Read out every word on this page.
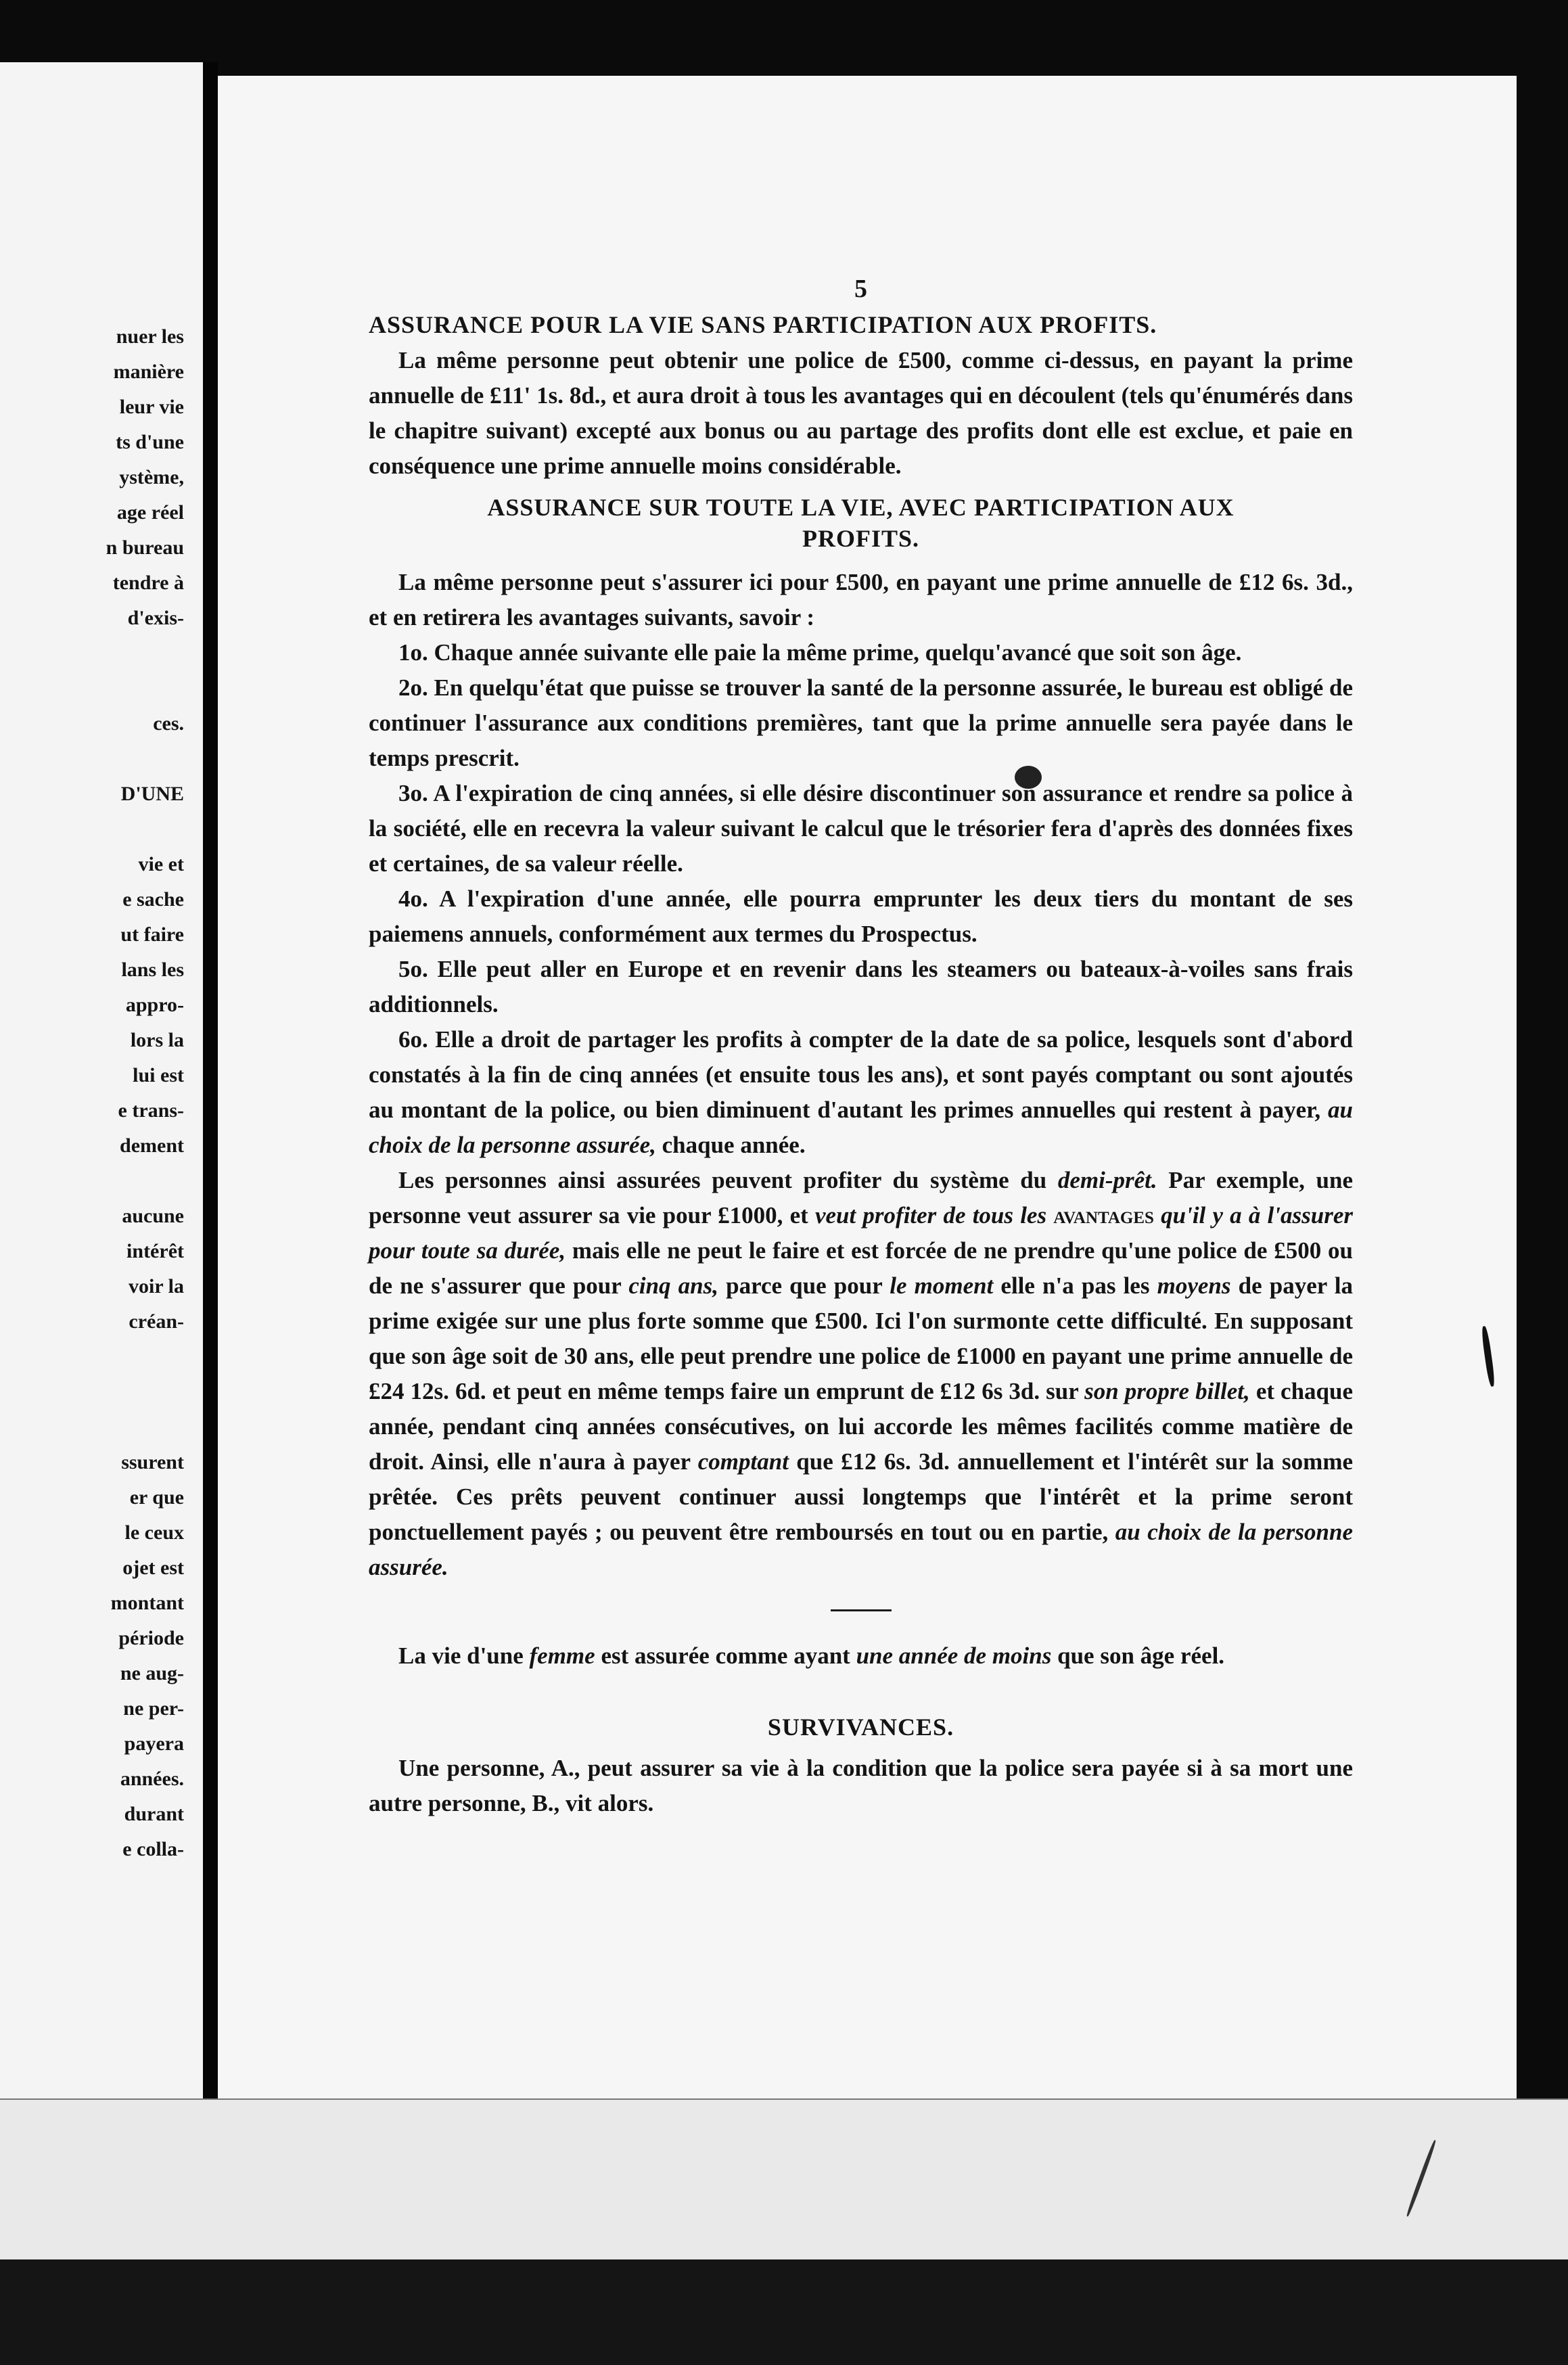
nuer les
manière
leur vie
ts d'une
ystème,
age réel
n bureau
tendre à
d'exis-
ces.
D'UNE
vie et
e sache
ut faire
lans les
appro-
lors la
lui est
e trans-
dement
aucune
intérêt
voir la
créan-
ssurent
er que
le ceux
ojet est
montant
période
ne aug-
ne per-
payera
années.
durant
e colla-
5
ASSURANCE POUR LA VIE SANS PARTICIPATION AUX PROFITS.

La même personne peut obtenir une police de £500, comme ci-dessus, en payant la prime annuelle de £11' 1s. 8d., et aura droit à tous les avantages qui en découlent (tels qu'énumérés dans le chapitre suivant) excepté aux bonus ou au partage des profits dont elle est exclue, et paie en conséquence une prime annuelle moins considérable.

ASSURANCE SUR TOUTE LA VIE, AVEC PARTICIPATION AUX
PROFITS.

La même personne peut s'assurer ici pour £500, en payant une prime annuelle de £12 6s. 3d., et en retirera les avantages suivants, savoir :

1o. Chaque année suivante elle paie la même prime, quelqu'avancé que soit son âge.

2o. En quelqu'état que puisse se trouver la santé de la personne assurée, le bureau est obligé de continuer l'assurance aux conditions premières, tant que la prime annuelle sera payée dans le temps prescrit.

3o. A l'expiration de cinq années, si elle désire discontinuer son assurance et rendre sa police à la société, elle en recevra la valeur suivant le calcul que le trésorier fera d'après des données fixes et certaines, de sa valeur réelle.

4o. A l'expiration d'une année, elle pourra emprunter les deux tiers du montant de ses paiemens annuels, conformément aux termes du Prospectus.

5o. Elle peut aller en Europe et en revenir dans les steamers ou bateaux-à-voiles sans frais additionnels.

6o. Elle a droit de partager les profits à compter de la date de sa police, lesquels sont d'abord constatés à la fin de cinq années (et ensuite tous les ans), et sont payés comptant ou sont ajoutés au montant de la police, ou bien diminuent d'autant les primes annuelles qui restent à payer, au choix de la personne assurée, chaque année.

Les personnes ainsi assurées peuvent profiter du système du demi-prêt. Par exemple, une personne veut assurer sa vie pour £1000, et veut profiter de tous les avantages qu'il y a à l'assurer pour toute sa durée, mais elle ne peut le faire et est forcée de ne prendre qu'une police de £500 ou de ne s'assurer que pour cinq ans, parce que pour le moment elle n'a pas les moyens de payer la prime exigée sur une plus forte somme que £500. Ici l'on surmonte cette difficulté. En supposant que son âge soit de 30 ans, elle peut prendre une police de £1000 en payant une prime annuelle de £24 12s. 6d. et peut en même temps faire un emprunt de £12 6s 3d. sur son propre billet, et chaque année, pendant cinq années consécutives, on lui accorde les mêmes facilités comme matière de droit. Ainsi, elle n'aura à payer comptant que £12 6s. 3d. annuellement et l'intérêt sur la somme prêtée. Ces prêts peuvent continuer aussi longtemps que l'intérêt et la prime seront ponctuellement payés ; ou peuvent être remboursés en tout ou en partie, au choix de la personne assurée.

La vie d'une femme est assurée comme ayant une année de moins que son âge réel.

SURVIVANCES.

Une personne, A., peut assurer sa vie à la condition que la police sera payée si à sa mort une autre personne, B., vit alors.
